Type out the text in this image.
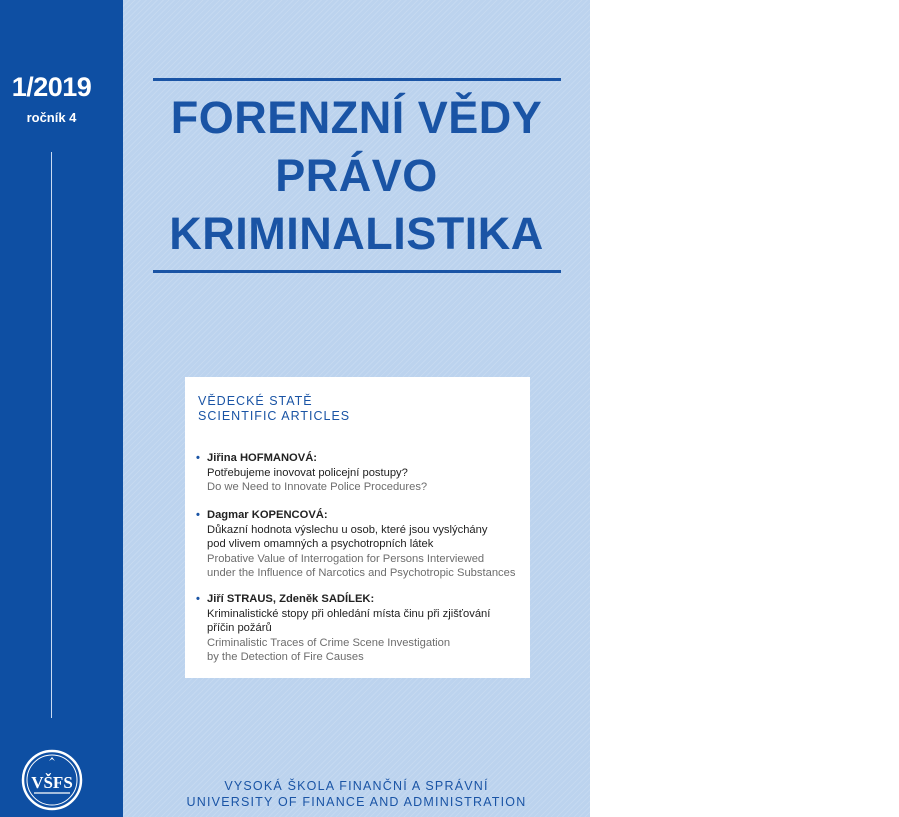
1/2019
ročník 4
VŠFS
FORENZNÍ VĚDY
PRÁVO
KRIMINALISTIKA
VĚDECKÉ STATĚ
SCIENTIFIC ARTICLES
• Jiřina HOFMANOVÁ:
Potřebujeme inovovat policejní postupy?
Do we Need to Innovate Police Procedures?
• Dagmar KOPENCOVÁ:
Důkazní hodnota výslechu u osob, které jsou vyslýchány
pod vlivem omamných a psychotropních látek
Probative Value of Interrogation for Persons Interviewed
under the Influence of Narcotics and Psychotropic Substances
• Jiří STRAUS, Zdeněk SADÍLEK:
Kriminalistické stopy při ohledání místa činu při zjišťování
příčin požárů
Criminalistic Traces of Crime Scene Investigation
by the Detection of Fire Causes
VYSOKÁ ŠKOLA FINANČNÍ A SPRÁVNÍ
UNIVERSITY OF FINANCE AND ADMINISTRATION
